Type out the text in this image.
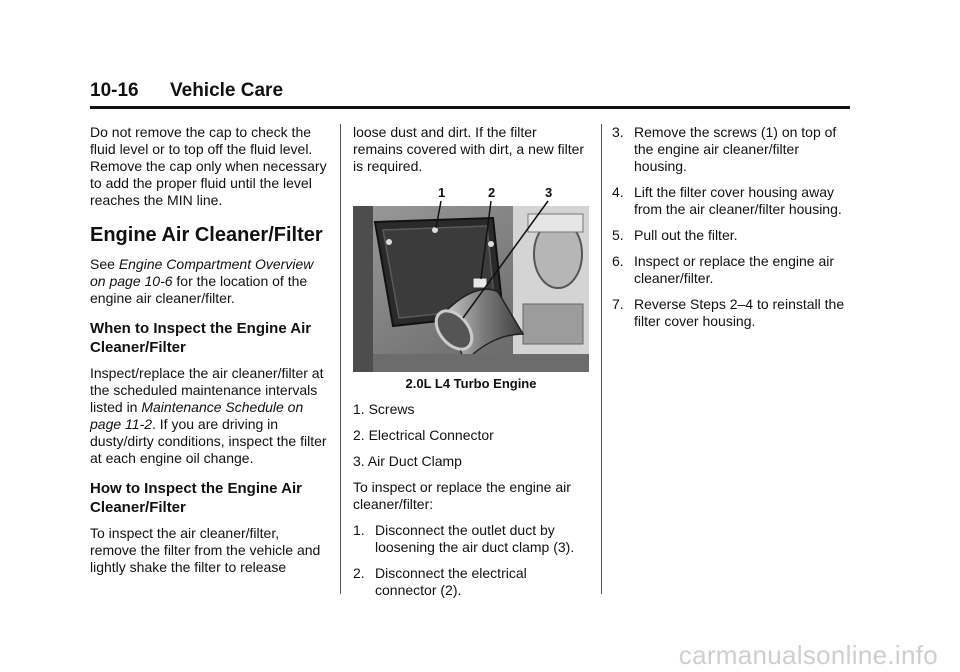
10-16 Vehicle Care

Do not remove the cap to check the fluid level or to top off the fluid level. Remove the cap only when necessary to add the proper fluid until the level reaches the MIN line.

Engine Air Cleaner/Filter

See Engine Compartment Overview on page 10-6 for the location of the engine air cleaner/filter.

When to Inspect the Engine Air Cleaner/Filter

Inspect/replace the air cleaner/filter at the scheduled maintenance intervals listed in Maintenance Schedule on page 11-2. If you are driving in dusty/dirty conditions, inspect the filter at each engine oil change.

How to Inspect the Engine Air Cleaner/Filter

To inspect the air cleaner/filter, remove the filter from the vehicle and lightly shake the filter to release

loose dust and dirt. If the filter remains covered with dirt, a new filter is required.

1	2	3
2.0L L4 Turbo Engine
1. Screws
2. Electrical Connector
3. Air Duct Clamp

To inspect or replace the engine air cleaner/filter:

1. Disconnect the outlet duct by loosening the air duct clamp (3).
2. Disconnect the electrical connector (2).
3. Remove the screws (1) on top of the engine air cleaner/filter housing.
4. Lift the filter cover housing away from the air cleaner/filter housing.
5. Pull out the filter.
6. Inspect or replace the engine air cleaner/filter.
7. Reverse Steps 2–4 to reinstall the filter cover housing.
carmanualsonline.info
